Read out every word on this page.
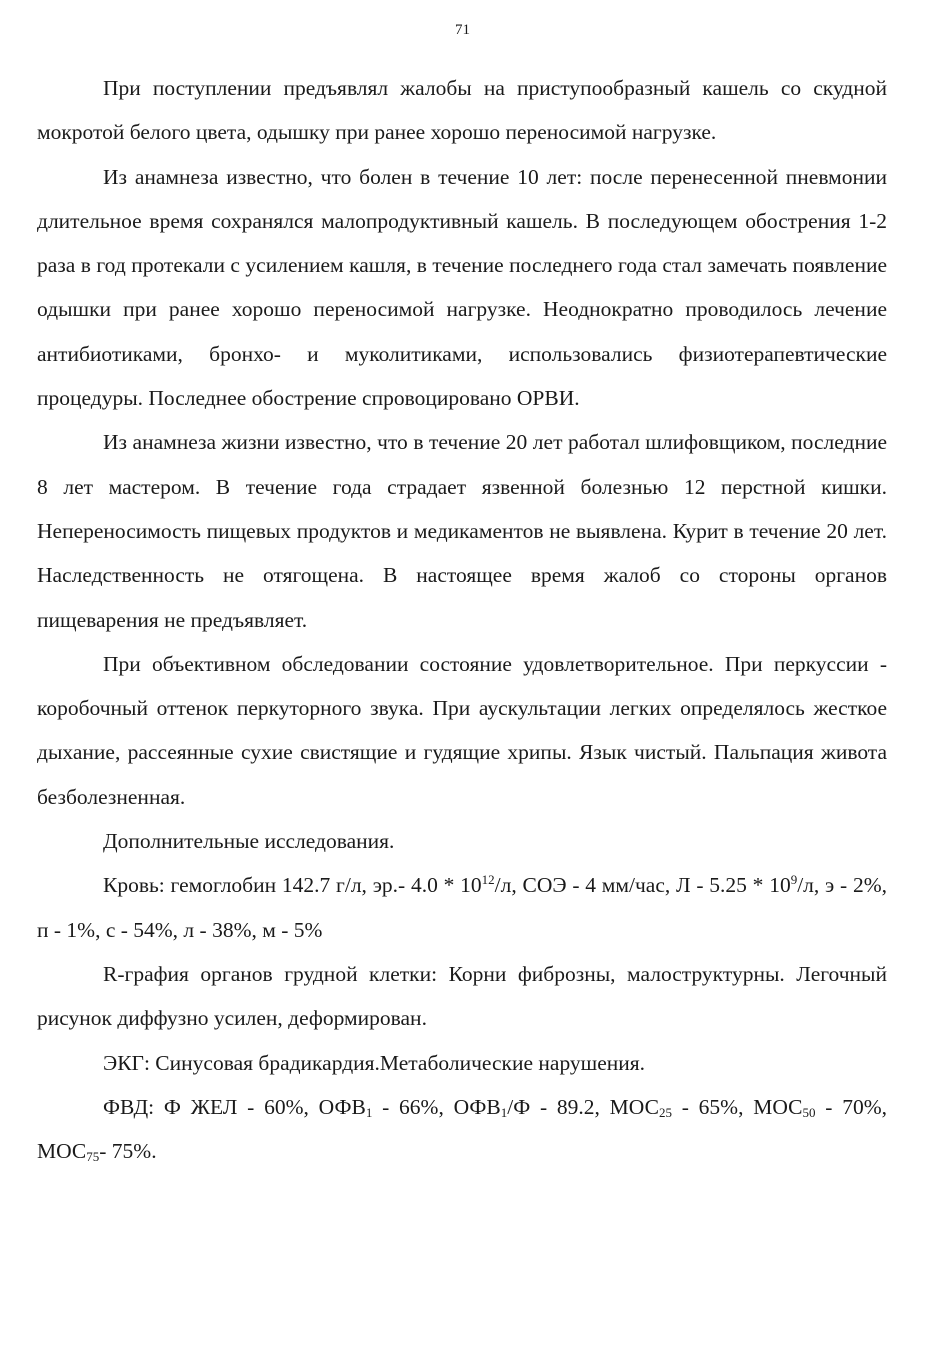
71

При поступлении предъявлял жалобы на приступообразный кашель со скудной мокротой белого цвета, одышку при ранее хорошо переносимой нагрузке.

Из анамнеза известно, что болен в течение 10 лет: после перенесенной пневмонии длительное время сохранялся малопродуктивный кашель. В последующем обострения 1-2 раза в год протекали с усилением кашля, в течение последнего года стал замечать появление одышки при ранее хорошо переносимой нагрузке. Неоднократно проводилось лечение антибиотиками, бронхо- и муколитиками, использовались физиотерапевтические процедуры. Последнее обострение спровоцировано ОРВИ.

Из анамнеза жизни известно, что в течение 20 лет работал шлифовщиком, последние 8 лет мастером. В течение года страдает язвенной болезнью 12 перстной кишки. Непереносимость пищевых продуктов и медикаментов не выявлена. Курит в течение 20 лет. Наследственность не отягощена. В настоящее время жалоб со стороны органов пищеварения не предъявляет.

При объективном обследовании состояние удовлетворительное. При перкуссии - коробочный оттенок перкуторного звука. При аускультации легких определялось жесткое дыхание, рассеянные сухие свистящие и гудящие хрипы. Язык чистый. Пальпация живота безболезненная.

Дополнительные исследования.

Кровь: гемоглобин 142.7 г/л, эр.- $4.0 * 10^{12}/л$, СОЭ - 4 мм/час, Л - $5.25 * 10^9/л$, э - 2%, п - 1%, с - 54%, л - 38%, м - 5%

R-графия органов грудной клетки: Корни фиброзны, малоструктурны. Легочный рисунок диффузно усилен, деформирован.

ЭКГ: Синусовая брадикардия.Метаболические нарушения.

ФВД: Ф ЖЕЛ - 60%, $ОФВ_1 - 66\%$, $ОФВ_1/Ф - 89.2$, $МОС_{25} - 65\%$, $МОС_{50} - 70\%$, $МОС_{75}-$ 75%.
